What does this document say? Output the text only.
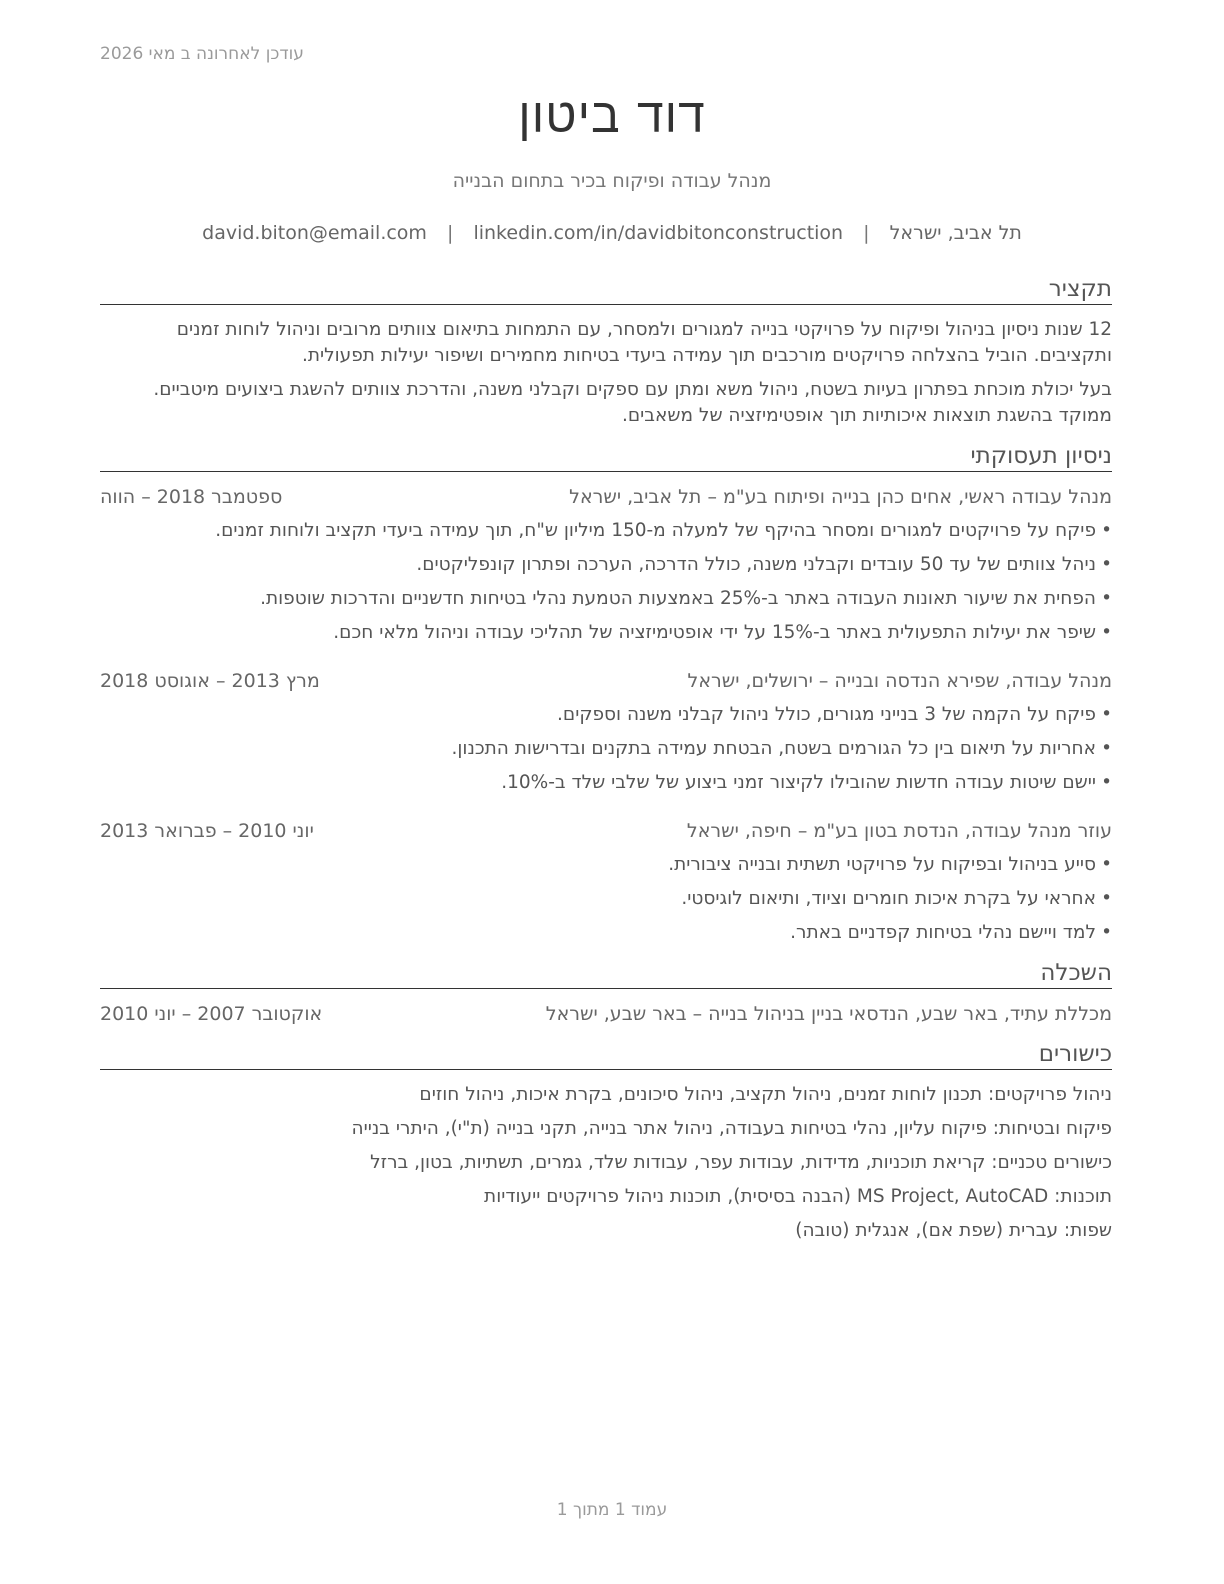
עודכן לאחרונה ב מאי 2026
דוד ביטון
מנהל עבודה ופיקוח בכיר בתחום הבנייה
תל אביב, ישראל | david.biton@email.com | linkedin.com/in/davidbitonconstruction
תקציר

12 שנות ניסיון בניהול ופיקוח על פרויקטי בנייה למגורים ולמסחר, עם התמחות בתיאום צוותים מרובים וניהול לוחות זמנים ותקציבים. הוביל בהצלחה פרויקטים מורכבים תוך עמידה ביעדי בטיחות מחמירים ושיפור יעילות תפעולית.

בעל יכולת מוכחת בפתרון בעיות בשטח, ניהול משא ומתן עם ספקים וקבלני משנה, והדרכת צוותים להשגת ביצועים מיטביים. ממוקד בהשגת תוצאות איכותיות תוך אופטימיזציה של משאבים.

ניסיון תעסוקתי
מנהל עבודה ראשי, אחים כהן בנייה ופיתוח בע"מ – תל אביב, ישראל
ספטמבר 2018 – הווה
• פיקח על פרויקטים למגורים ומסחר בהיקף של למעלה מ-150 מיליון ש"ח, תוך עמידה ביעדי תקציב ולוחות זמנים.
• ניהל צוותים של עד 50 עובדים וקבלני משנה, כולל הדרכה, הערכה ופתרון קונפליקטים.
• הפחית את שיעור תאונות העבודה באתר ב-25% באמצעות הטמעת נהלי בטיחות חדשניים והדרכות שוטפות.
• שיפר את יעילות התפעולית באתר ב-15% על ידי אופטימיזציה של תהליכי עבודה וניהול מלאי חכם.
מנהל עבודה, שפירא הנדסה ובנייה – ירושלים, ישראל
מרץ 2013 – אוגוסט 2018
• פיקח על הקמה של 3 בנייני מגורים, כולל ניהול קבלני משנה וספקים.
• אחריות על תיאום בין כל הגורמים בשטח, הבטחת עמידה בתקנים ובדרישות התכנון.
• יישם שיטות עבודה חדשות שהובילו לקיצור זמני ביצוע של שלבי שלד ב-10%.
עוזר מנהל עבודה, הנדסת בטון בע"מ – חיפה, ישראל
יוני 2010 – פברואר 2013
• סייע בניהול ובפיקוח על פרויקטי תשתית ובנייה ציבורית.
• אחראי על בקרת איכות חומרים וציוד, ותיאום לוגיסטי.
• למד ויישם נהלי בטיחות קפדניים באתר.
השכלה
מכללת עתיד, באר שבע, הנדסאי בניין בניהול בנייה – באר שבע, ישראל
אוקטובר 2007 – יוני 2010
כישורים

ניהול פרויקטים: תכנון לוחות זמנים, ניהול תקציב, ניהול סיכונים, בקרת איכות, ניהול חוזים

פיקוח ובטיחות: פיקוח עליון, נהלי בטיחות בעבודה, ניהול אתר בנייה, תקני בנייה (ת"י), היתרי בנייה

כישורים טכניים: קריאת תוכניות, מדידות, עבודות עפר, עבודות שלד, גמרים, תשתיות, בטון, ברזל

תוכנות: MS Project, AutoCAD (הבנה בסיסית), תוכנות ניהול פרויקטים ייעודיות

שפות: עברית (שפת אם), אנגלית (טובה)

עמוד 1 מתוך 1
